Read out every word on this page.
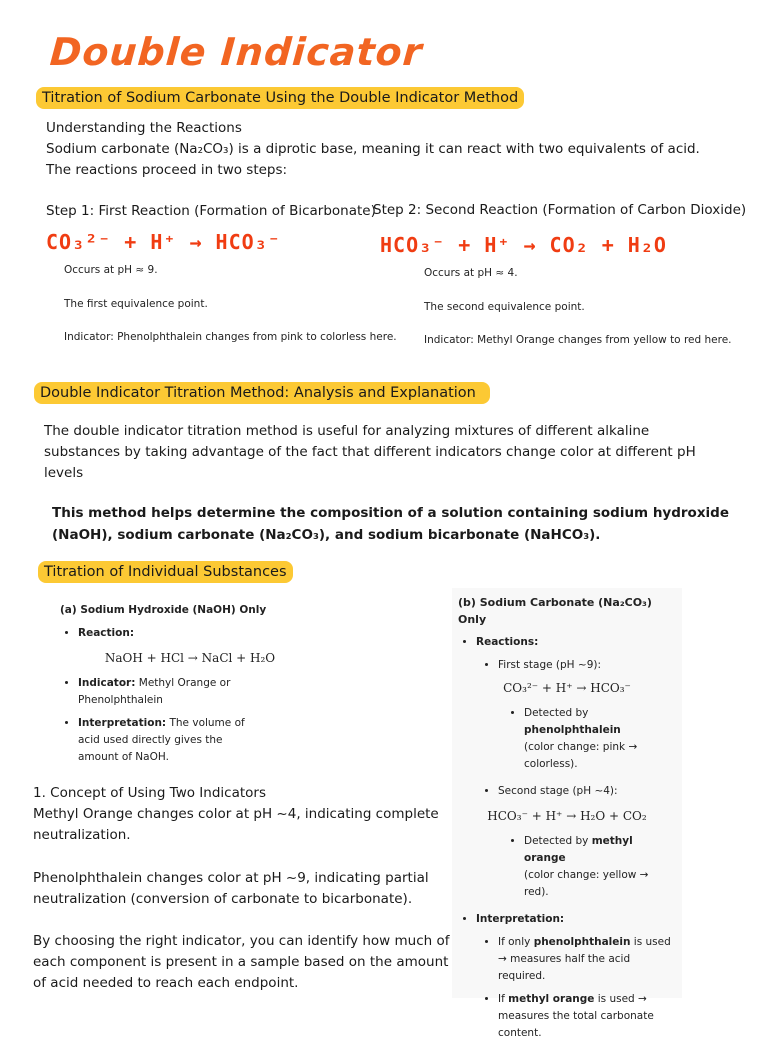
Double Indicator
Titration of Sodium Carbonate Using the Double Indicator Method
Understanding the Reactions
Sodium carbonate (Na₂CO₃) is a diprotic base, meaning it can react with two equivalents of acid.
The reactions proceed in two steps:
Step 1: First Reaction (Formation of Bicarbonate)
CO₃²⁻ + H⁺ → HCO₃⁻
Occurs at pH ≈ 9.
The first equivalence point.
Indicator: Phenolphthalein changes from pink to colorless here.
Step 2: Second Reaction (Formation of Carbon Dioxide)
HCO₃⁻ + H⁺ → CO₂ + H₂O
Occurs at pH ≈ 4.
The second equivalence point.
Indicator: Methyl Orange changes from yellow to red here.
Double Indicator Titration Method: Analysis and Explanation
The double indicator titration method is useful for analyzing mixtures of different alkaline substances by taking advantage of the fact that different indicators change color at different pH levels
This method helps determine the composition of a solution containing sodium hydroxide (NaOH), sodium carbonate (Na₂CO₃), and sodium bicarbonate (NaHCO₃).
Titration of Individual Substances
(a) Sodium Hydroxide (NaOH) Only
• Reaction:
NaOH + HCl → NaCl + H₂O
• Indicator: Methyl Orange or Phenolphthalein
• Interpretation: The volume of acid used directly gives the amount of NaOH.
(b) Sodium Carbonate (Na₂CO₃) Only
• Reactions:
• First stage (pH ~9):
CO₃²⁻ + H⁺ → HCO₃⁻
• Detected by phenolphthalein
(color change: pink → colorless).
• Second stage (pH ~4):
HCO₃⁻ + H⁺ → H₂O + CO₂
• Detected by methyl orange
(color change: yellow → red).
• Interpretation:
• If only phenolphthalein is used → measures half the acid required.
• If methyl orange is used → measures the total carbonate content.
1. Concept of Using Two Indicators
Methyl Orange changes color at pH ~4, indicating complete neutralization.
Phenolphthalein changes color at pH ~9, indicating partial neutralization (conversion of carbonate to bicarbonate).
By choosing the right indicator, you can identify how much of each component is present in a sample based on the amount of acid needed to reach each endpoint.
